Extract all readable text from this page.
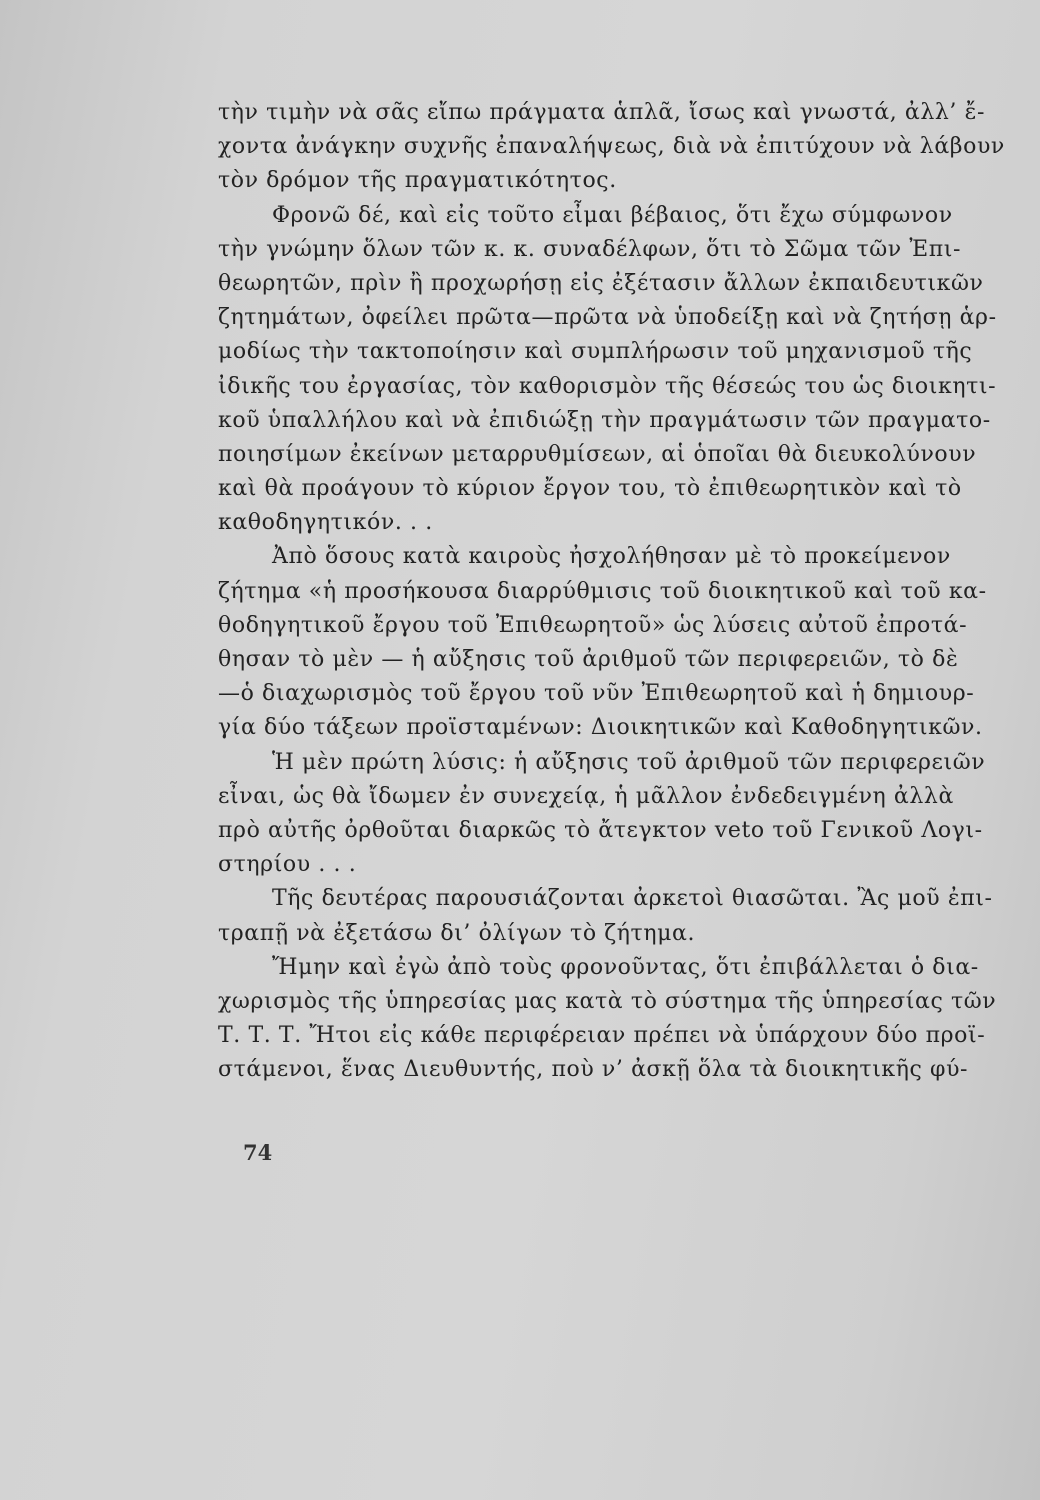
τὴν τιμὴν νὰ σᾶς εἴπω πράγματα ἁπλᾶ, ἴσως καὶ γνωστά, ἀλλ’ ἔ-
χοντα ἀνάγκην συχνῆς ἐπαναλήψεως, διὰ νὰ ἐπιτύχουν νὰ λάβουν
τὸν δρόμον τῆς πραγματικότητος.
Φρονῶ δέ, καὶ εἰς τοῦτο εἶμαι βέβαιος, ὅτι ἔχω σύμφωνον
τὴν γνώμην ὅλων τῶν κ. κ. συναδέλφων, ὅτι τὸ Σῶμα τῶν Ἐπι-
θεωρητῶν, πρὶν ἢ προχωρήσῃ εἰς ἐξέτασιν ἄλλων ἐκπαιδευτικῶν
ζητημάτων, ὀφείλει πρῶτα—πρῶτα νὰ ὑποδείξῃ καὶ νὰ ζητήσῃ ἁρ-
μοδίως τὴν τακτοποίησιν καὶ συμπλήρωσιν τοῦ μηχανισμοῦ τῆς
ἰδικῆς του ἐργασίας, τὸν καθορισμὸν τῆς θέσεώς του ὡς διοικητι-
κοῦ ὑπαλλήλου καὶ νὰ ἐπιδιώξῃ τὴν πραγμάτωσιν τῶν πραγματο-
ποιησίμων ἐκείνων μεταρρυθμίσεων, αἱ ὁποῖαι θὰ διευκολύνουν
καὶ θὰ προάγουν τὸ κύριον ἔργον του, τὸ ἐπιθεωρητικὸν καὶ τὸ
καθοδηγητικόν. . .
Ἀπὸ ὅσους κατὰ καιροὺς ἠσχολήθησαν μὲ τὸ προκείμενον
ζήτημα «ἡ προσήκουσα διαρρύθμισις τοῦ διοικητικοῦ καὶ τοῦ κα-
θοδηγητικοῦ ἔργου τοῦ Ἐπιθεωρητοῦ» ὡς λύσεις αὐτοῦ ἐπροτά-
θησαν τὸ μὲν — ἡ αὔξησις τοῦ ἀριθμοῦ τῶν περιφερειῶν, τὸ δὲ
—ὁ διαχωρισμὸς τοῦ ἔργου τοῦ νῦν Ἐπιθεωρητοῦ καὶ ἡ δημιουρ-
γία δύο τάξεων προϊσταμένων: Διοικητικῶν καὶ Καθοδηγητικῶν.
Ἡ μὲν πρώτη λύσις: ἡ αὔξησις τοῦ ἀριθμοῦ τῶν περιφερειῶν
εἶναι, ὡς θὰ ἴδωμεν ἐν συνεχείᾳ, ἡ μᾶλλον ἐνδεδειγμένη ἀλλὰ
πρὸ αὐτῆς ὀρθοῦται διαρκῶς τὸ ἄτεγκτον veto τοῦ Γενικοῦ Λογι-
στηρίου . . .
Τῆς δευτέρας παρουσιάζονται ἀρκετοὶ θιασῶται. Ἂς μοῦ ἐπι-
τραπῇ νὰ ἐξετάσω δι’ ὀλίγων τὸ ζήτημα.
Ἤμην καὶ ἐγὼ ἀπὸ τοὺς φρονοῦντας, ὅτι ἐπιβάλλεται ὁ δια-
χωρισμὸς τῆς ὑπηρεσίας μας κατὰ τὸ σύστημα τῆς ὑπηρεσίας τῶν
Τ. Τ. Τ. Ἤτοι εἰς κάθε περιφέρειαν πρέπει νὰ ὑπάρχουν δύο προϊ-
στάμενοι, ἕνας Διευθυντής, ποὺ ν’ ἀσκῇ ὅλα τὰ διοικητικῆς φύ-
74
